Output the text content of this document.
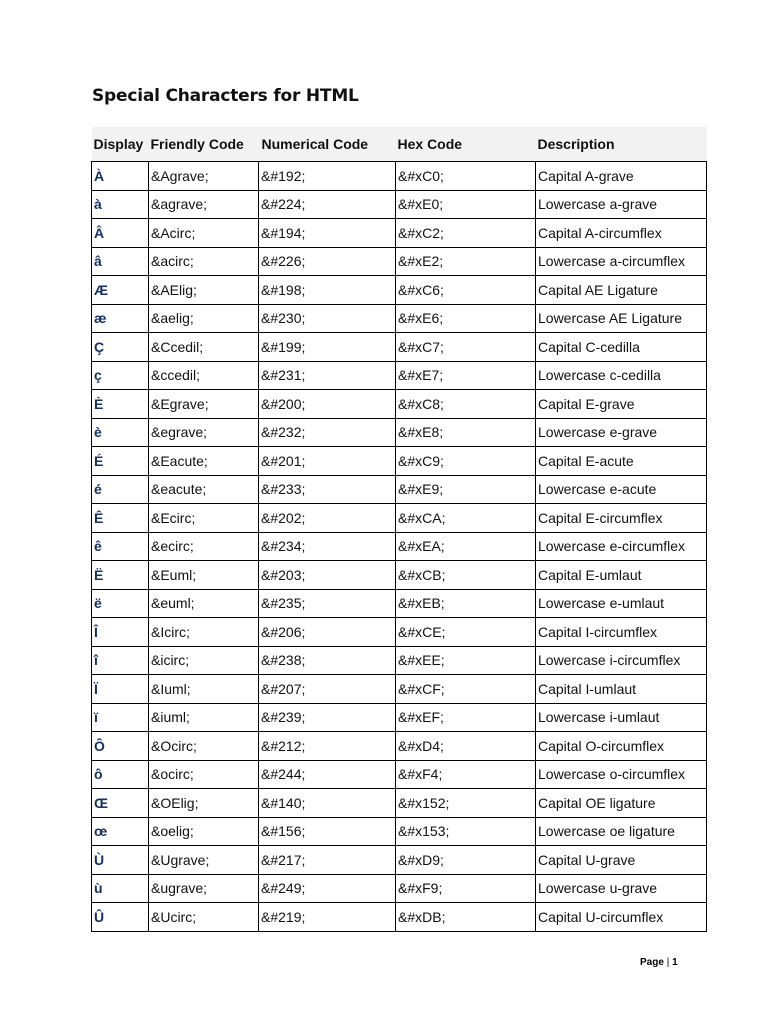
Special Characters for HTML
Display	Friendly Code	Numerical Code	Hex Code	Description
À	&Agrave;	&#192;	&#xC0;	Capital A-grave
à	&agrave;	&#224;	&#xE0;	Lowercase a-grave
Â	&Acirc;	&#194;	&#xC2;	Capital A-circumflex
â	&acirc;	&#226;	&#xE2;	Lowercase a-circumflex
Æ	&AElig;	&#198;	&#xC6;	Capital AE Ligature
æ	&aelig;	&#230;	&#xE6;	Lowercase AE Ligature
Ç	&Ccedil;	&#199;	&#xC7;	Capital C-cedilla
ç	&ccedil;	&#231;	&#xE7;	Lowercase c-cedilla
È	&Egrave;	&#200;	&#xC8;	Capital E-grave
è	&egrave;	&#232;	&#xE8;	Lowercase e-grave
É	&Eacute;	&#201;	&#xC9;	Capital E-acute
é	&eacute;	&#233;	&#xE9;	Lowercase e-acute
Ê	&Ecirc;	&#202;	&#xCA;	Capital E-circumflex
ê	&ecirc;	&#234;	&#xEA;	Lowercase e-circumflex
Ë	&Euml;	&#203;	&#xCB;	Capital E-umlaut
ë	&euml;	&#235;	&#xEB;	Lowercase e-umlaut
Î	&Icirc;	&#206;	&#xCE;	Capital I-circumflex
î	&icirc;	&#238;	&#xEE;	Lowercase i-circumflex
Ï	&Iuml;	&#207;	&#xCF;	Capital I-umlaut
ï	&iuml;	&#239;	&#xEF;	Lowercase i-umlaut
Ô	&Ocirc;	&#212;	&#xD4;	Capital O-circumflex
ô	&ocirc;	&#244;	&#xF4;	Lowercase o-circumflex
Œ	&OElig;	&#140;	&#x152;	Capital OE ligature
œ	&oelig;	&#156;	&#x153;	Lowercase oe ligature
Ù	&Ugrave;	&#217;	&#xD9;	Capital U-grave
ù	&ugrave;	&#249;	&#xF9;	Lowercase u-grave
Û	&Ucirc;	&#219;	&#xDB;	Capital U-circumflex
Page | 1
